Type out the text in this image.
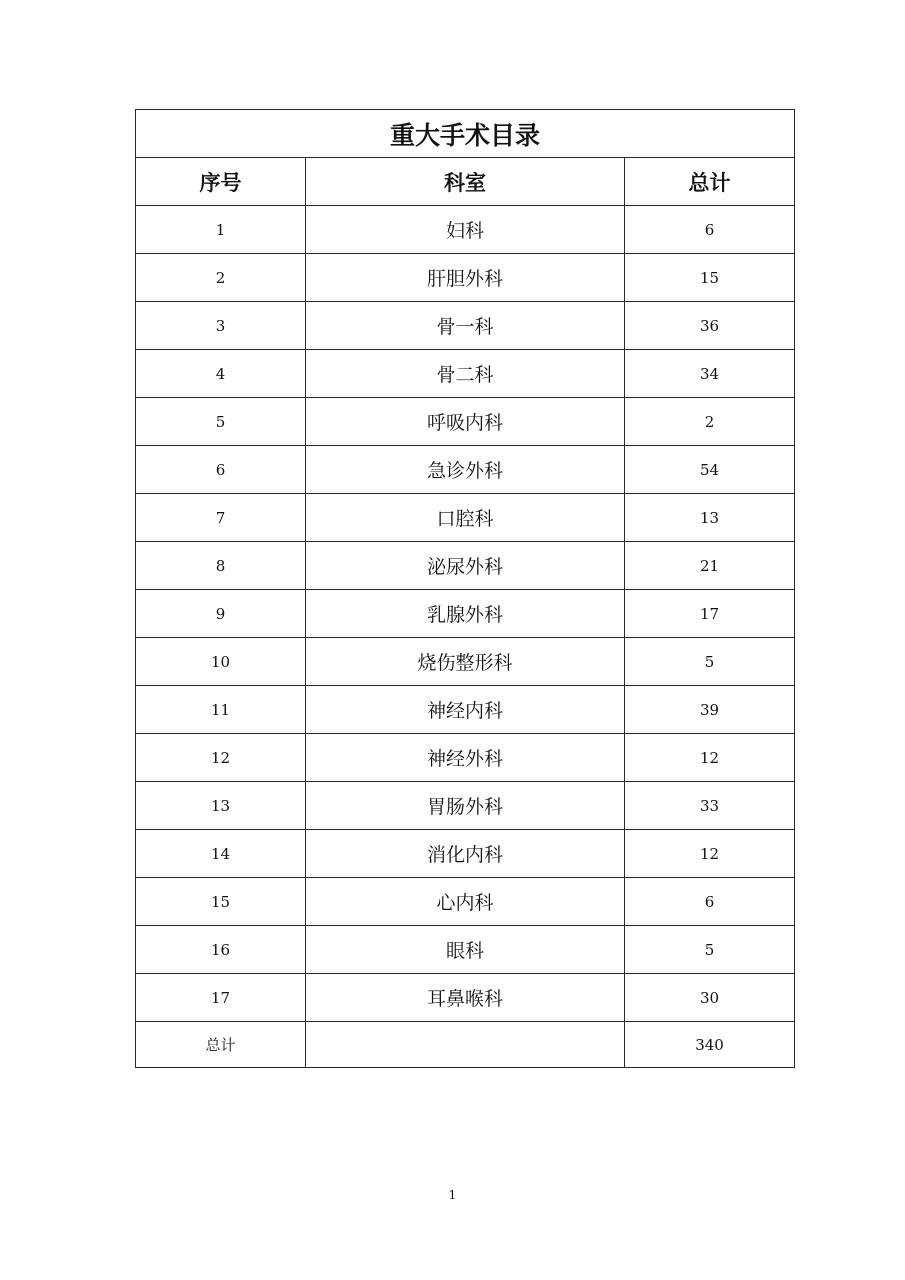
重大手术目录		
序号	科室	总计
1	妇科	6
2	肝胆外科	15
3	骨一科	36
4	骨二科	34
5	呼吸内科	2
6	急诊外科	54
7	口腔科	13
8	泌尿外科	21
9	乳腺外科	17
10	烧伤整形科	5
11	神经内科	39
12	神经外科	12
13	胃肠外科	33
14	消化内科	12
15	心内科	6
16	眼科	5
17	耳鼻喉科	30
总计		340
1
